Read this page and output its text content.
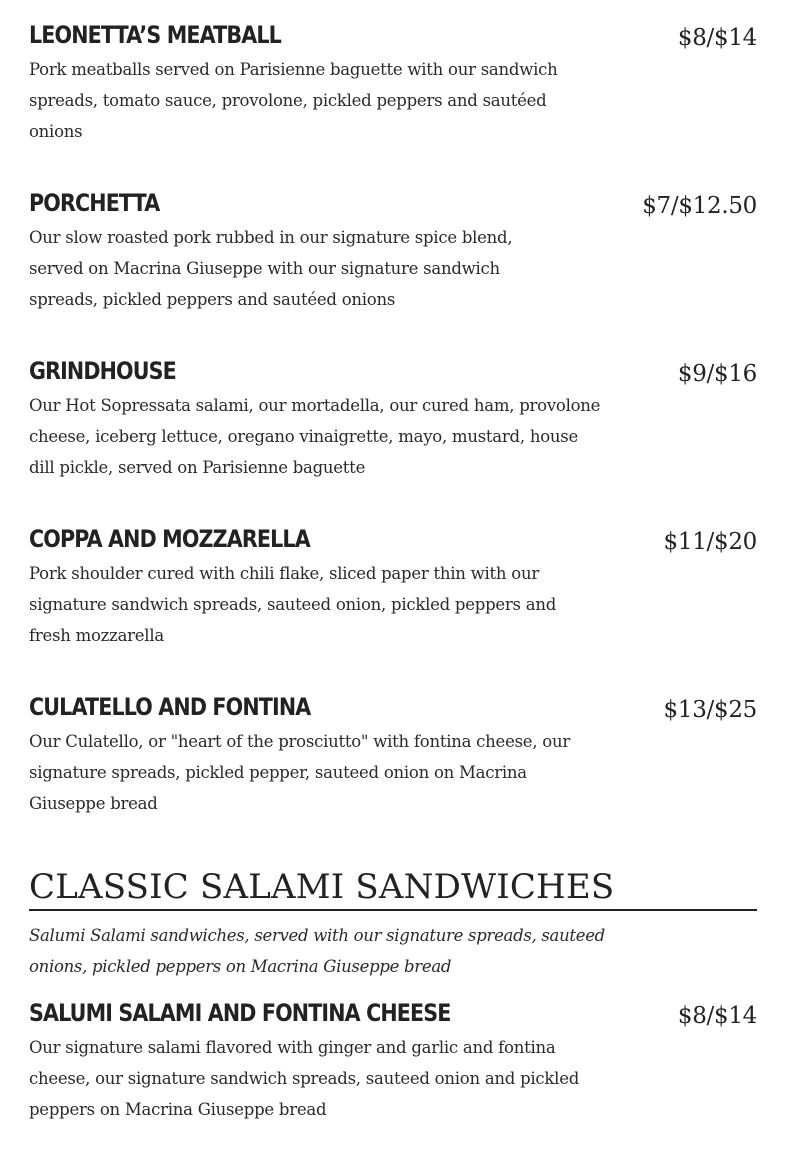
$8/$14
LEONETTA’S MEATBALL
Pork meatballs served on Parisienne baguette with our sandwich
spreads, tomato sauce, provolone, pickled peppers and sautéed
onions
$7/$12.50
PORCHETTA
Our slow roasted pork rubbed in our signature spice blend,
served on Macrina Giuseppe with our signature sandwich
spreads, pickled peppers and sautéed onions
$9/$16
GRINDHOUSE
Our Hot Sopressata salami, our mortadella, our cured ham, provolone
cheese, iceberg lettuce, oregano vinaigrette, mayo, mustard, house
dill pickle, served on Parisienne baguette
$11/$20
COPPA AND MOZZARELLA
Pork shoulder cured with chili flake, sliced paper thin with our
signature sandwich spreads, sauteed onion, pickled peppers and
fresh mozzarella
$13/$25
CULATELLO AND FONTINA
Our Culatello, or "heart of the prosciutto" with fontina cheese, our
signature spreads, pickled pepper, sauteed onion on Macrina
Giuseppe bread
CLASSIC SALAMI SANDWICHES
Salumi Salami sandwiches, served with our signature spreads, sauteed
onions, pickled peppers on Macrina Giuseppe bread
$8/$14
SALUMI SALAMI AND FONTINA CHEESE
Our signature salami flavored with ginger and garlic and fontina
cheese, our signature sandwich spreads, sauteed onion and pickled
peppers on Macrina Giuseppe bread
